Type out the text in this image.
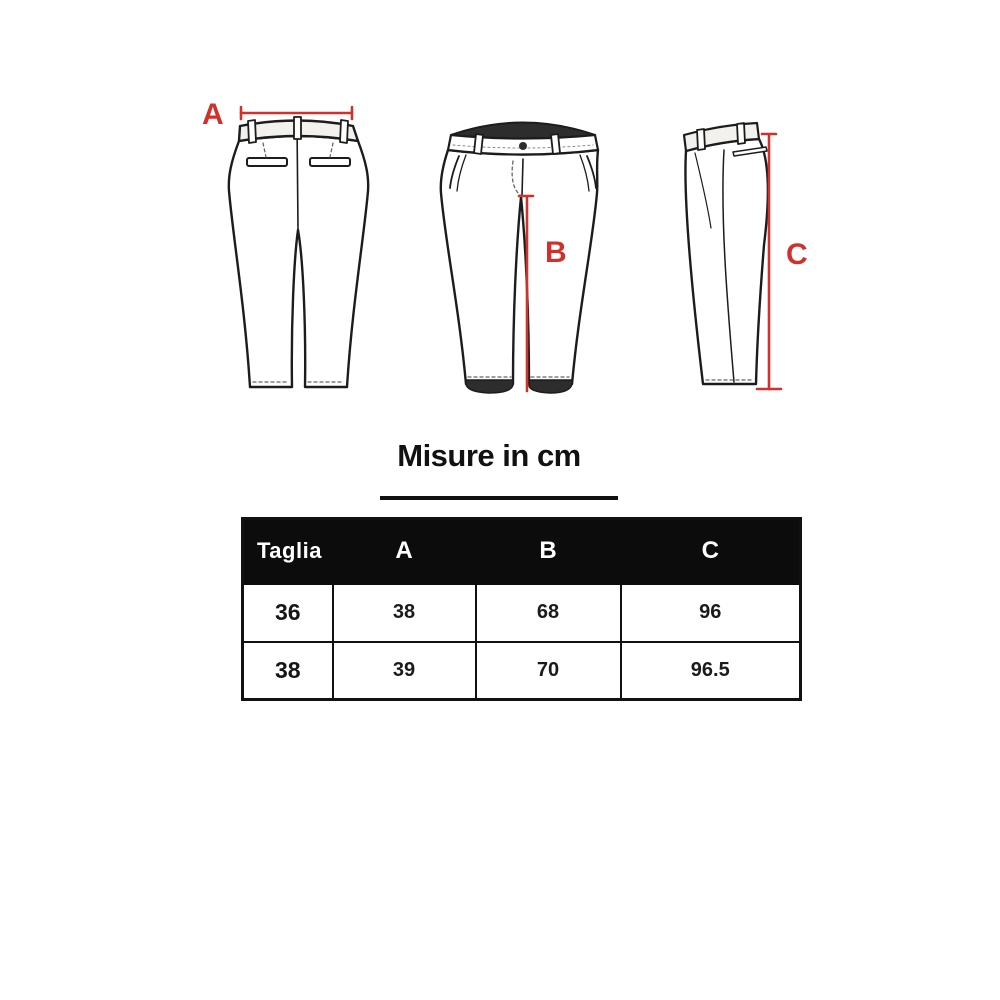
A
B	C
Misure in cm
Taglia	A	B	C
36	38	68	96
38	39	70	96.5
